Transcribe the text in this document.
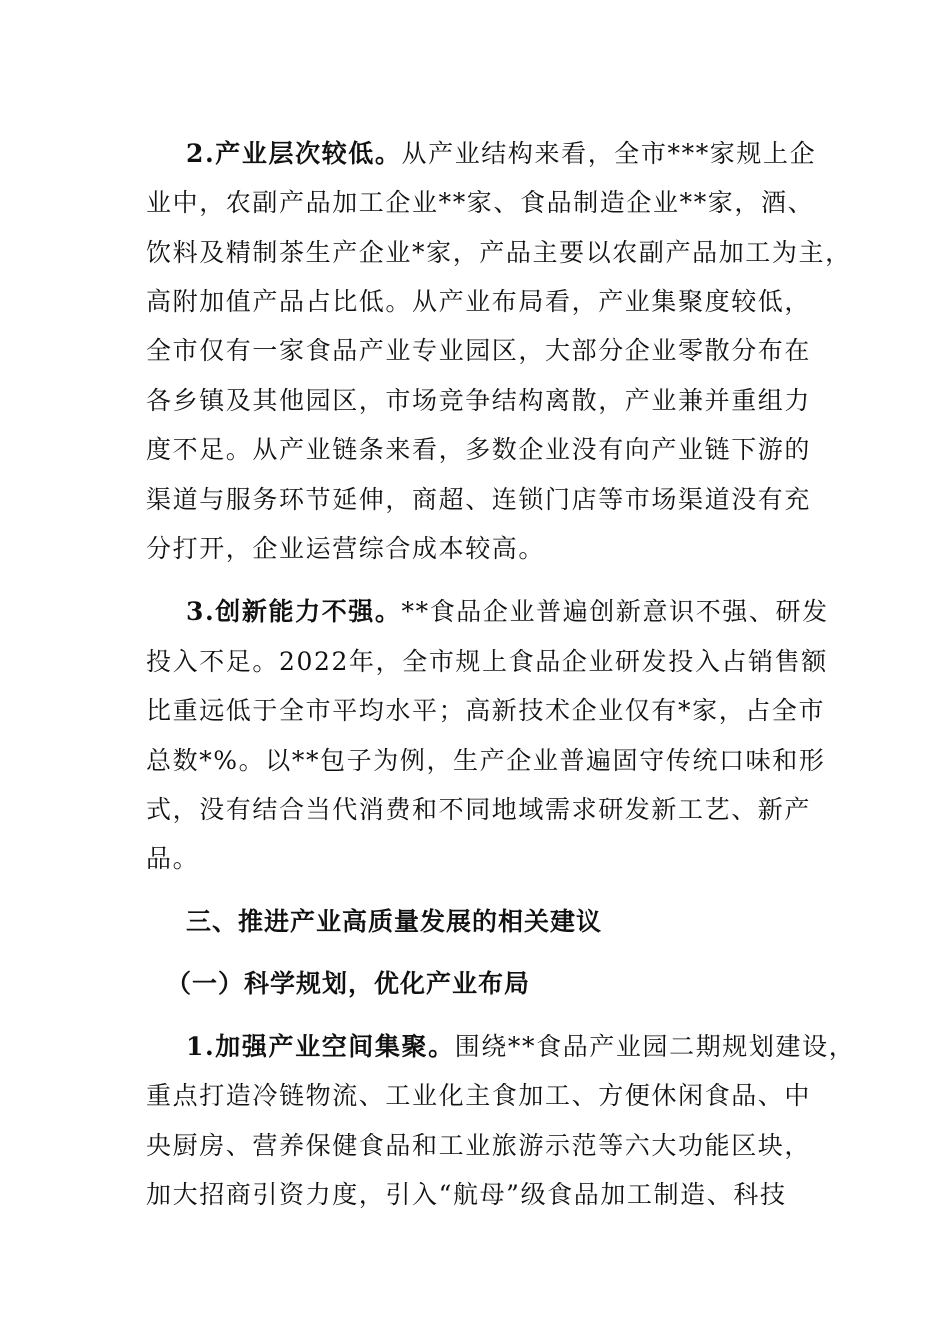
2.产业层次较低。从产业结构来看，全市***家规上企
业中，农副产品加工企业**家、食品制造企业**家，酒、
饮料及精制茶生产企业*家，产品主要以农副产品加工为主，
高附加值产品占比低。从产业布局看，产业集聚度较低，
全市仅有一家食品产业专业园区，大部分企业零散分布在
各乡镇及其他园区，市场竞争结构离散，产业兼并重组力
度不足。从产业链条来看，多数企业没有向产业链下游的
渠道与服务环节延伸，商超、连锁门店等市场渠道没有充
分打开，企业运营综合成本较高。
3.创新能力不强。**食品企业普遍创新意识不强、研发
投入不足。2022年，全市规上食品企业研发投入占销售额
比重远低于全市平均水平；高新技术企业仅有*家，占全市
总数*%。以**包子为例，生产企业普遍固守传统口味和形
式，没有结合当代消费和不同地域需求研发新工艺、新产
品。
三、推进产业高质量发展的相关建议
（一）科学规划，优化产业布局
1.加强产业空间集聚。围绕**食品产业园二期规划建设，
重点打造冷链物流、工业化主食加工、方便休闲食品、中
央厨房、营养保健食品和工业旅游示范等六大功能区块，
加大招商引资力度，引入“航母”级食品加工制造、科技
